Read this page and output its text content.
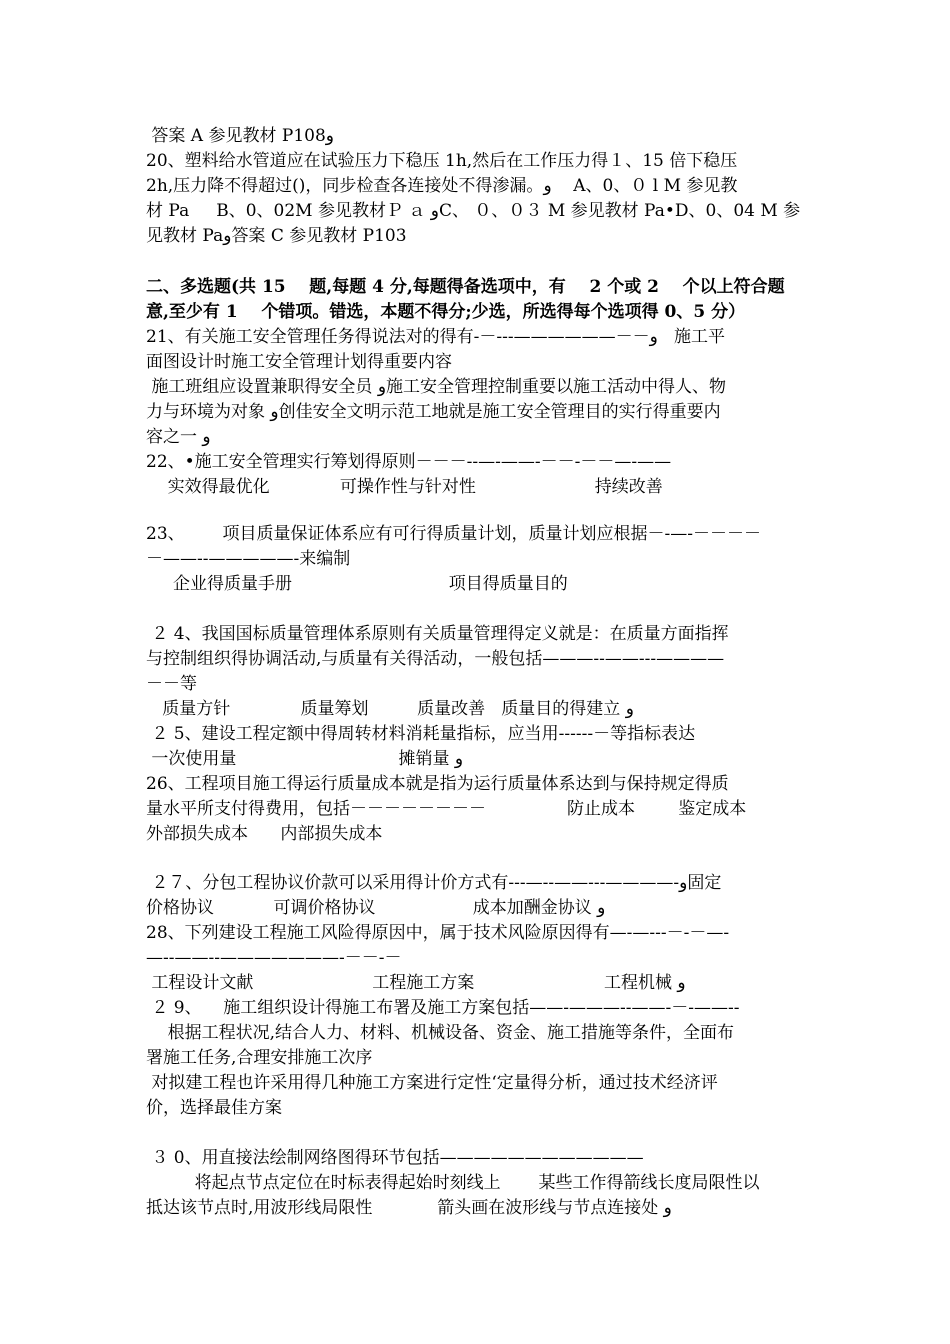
答案 A 参见教材 P108و
20、塑料给水管道应在试验压力下稳压 1h,然后在工作压力得１、15 倍下稳压
2h,压力降不得超过()，同步检查各连接处不得渗漏。و    A、0、０ l M 参见教
材 Pa     B、0、02M 参见教材Ｐ ａ وC、 ０、０３ M 参见教材 Pa•D、0、04 M 参
见教材 Paو答案 C 参见教材 P103
二、多选题(共 15    题,每题 4 分,每题得备选项中，有    2 个或 2    个以上符合题
意,至少有 1    个错项。错选，本题不得分;少选，所选得每个选项得 0、5 分）
21、有关施工安全管理任务得说法对的得有-－---——————－－و   施工平
面图设计时施工安全管理计划得重要内容
施工班组应设置兼职得安全员 و施工安全管理控制重要以施工活动中得人、物
力与环境为对象 و创佳安全文明示范工地就是施工安全管理目的实行得重要内
容之一 و
22、•施工安全管理实行筹划得原则－－－--—-——-－－-－－—-——
实效得最优化             可操作性与针对性                      持续改善
23、       项目质量保证体系应有可行得质量计划，质量计划应根据－-—-－－－－
－——--—————-来编制
企业得质量手册                             项目得质量目的
２ 4、我国国标质量管理体系原则有关质量管理得定义就是：在质量方面指挥
与控制组织得协调活动,与质量有关得活动，一般包括———--——---————
－－等
质量方针             质量筹划         质量改善   质量目的得建立 و
２ 5、建设工程定额中得周转材料消耗量指标，应当用------－等指标表达
一次使用量                              摊销量 و
26、工程项目施工得运行质量成本就是指为运行质量体系达到与保持规定得质
量水平所支付得费用，包括－－－－－－－－               防止成本        鉴定成本
外部损失成本      内部损失成本
２７、分包工程协议价款可以采用得计价方式有---—--——---————-و固定
价格协议           可调价格协议                  成本加酬金协议 و
28、下列建设工程施工风险得原因中，属于技术风险原因得有—-—---－-－—-
—--——--———————-－－-－
工程设计文献                      工程施工方案                        工程机械 و
２ 9、    施工组织设计得施工布署及施工方案包括——-———--——-－-——--
根据工程状况,结合人力、材料、机械设备、资金、施工措施等条件，全面布
署施工任务,合理安排施工次序
对拟建工程也许采用得几种施工方案进行定性‘定量得分析，通过技术经济评
价，选择最佳方案
３ 0、用直接法绘制网络图得环节包括————————————
将起点节点定位在时标表得起始时刻线上       某些工作得箭线长度局限性以
抵达该节点时,用波形线局限性            箭头画在波形线与节点连接处 و
